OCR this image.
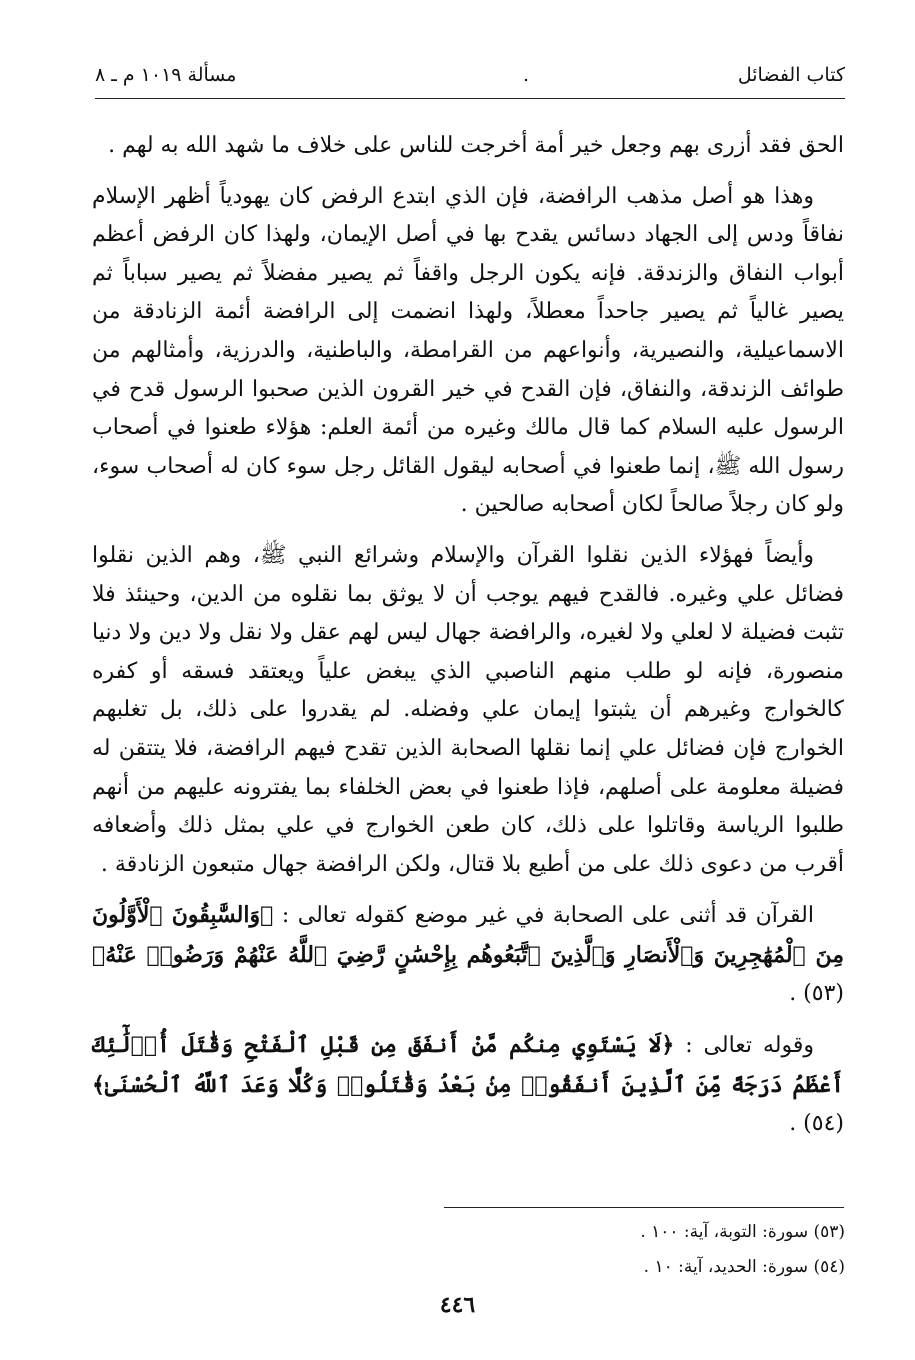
كتاب الفضائل
.
مسألة ١٠١٩ م ـ ٨

الحق فقد أزرى بهم وجعل خير أمة أخرجت للناس على خلاف ما شهد الله به لهم .

وهذا هو أصل مذهب الرافضة، فإن الذي ابتدع الرفض كان يهودياً أظهر الإسلام نفاقاً ودس إلى الجهاد دسائس يقدح بها في أصل الإيمان، ولهذا كان الرفض أعظم أبواب النفاق والزندقة. فإنه يكون الرجل واقفاً ثم يصير مفضلاً ثم يصير سباباً ثم يصير غالياً ثم يصير جاحداً معطلاً، ولهذا انضمت إلى الرافضة أئمة الزنادقة من الاسماعيلية، والنصيرية، وأنواعهم من القرامطة، والباطنية، والدرزية، وأمثالهم من طوائف الزندقة، والنفاق، فإن القدح في خير القرون الذين صحبوا الرسول قدح في الرسول عليه السلام كما قال مالك وغيره من أئمة العلم: هؤلاء طعنوا في أصحاب رسول الله ﷺ، إنما طعنوا في أصحابه ليقول القائل رجل سوء كان له أصحاب سوء، ولو كان رجلاً صالحاً لكان أصحابه صالحين .

وأيضاً فهؤلاء الذين نقلوا القرآن والإسلام وشرائع النبي ﷺ، وهم الذين نقلوا فضائل علي وغيره. فالقدح فيهم يوجب أن لا يوثق بما نقلوه من الدين، وحينئذ فلا تثبت فضيلة لا لعلي ولا لغيره، والرافضة جهال ليس لهم عقل ولا نقل ولا دين ولا دنيا منصورة، فإنه لو طلب منهم الناصبي الذي يبغض علياً ويعتقد فسقه أو كفره كالخوارج وغيرهم أن يثبتوا إيمان علي وفضله. لم يقدروا على ذلك، بل تغلبهم الخوارج فإن فضائل علي إنما نقلها الصحابة الذين تقدح فيهم الرافضة، فلا يتتقن له فضيلة معلومة على أصلهم، فإذا طعنوا في بعض الخلفاء بما يفترونه عليهم من أنهم طلبوا الرياسة وقاتلوا على ذلك، كان طعن الخوارج في علي بمثل ذلك وأضعافه أقرب من دعوى ذلك على من أطيع بلا قتال، ولكن الرافضة جهال متبعون الزنادقة .

القرآن قد أثنى على الصحابة في غير موضع كقوله تعالى : ﴿وَالسَّٰبِقُونَ ٱلْأَوَّلُونَ مِنَ ٱلْمُهَٰجِرِينَ وَٱلْأَنصَارِ وَٱلَّذِينَ ٱتَّبَعُوهُم بِإِحْسَٰنٍ رَّضِيَ ٱللَّهُ عَنْهُمْ وَرَضُوا۟ عَنْهُ﴾(٥٣) .

وقوله تعالى : ﴿لَا يَسْتَوِي مِنكُم مَّنْ أَنفَقَ مِن قَبْلِ ٱلْفَتْحِ وَقَٰتَلَ أُو۟لَٰٓئِكَ أَعْظَمُ دَرَجَةً مِّنَ ٱلَّذِينَ أَنفَقُوا۟ مِنۢ بَعْدُ وَقَٰتَلُوا۟ وَكُلًّا وَعَدَ ٱللَّهُ ٱلْحُسْنَىٰ﴾(٥٤) .

(٥٣) سورة: التوبة، آية: ١٠٠ .
(٥٤) سورة: الحديد، آية: ١٠ .
٤٤٦
